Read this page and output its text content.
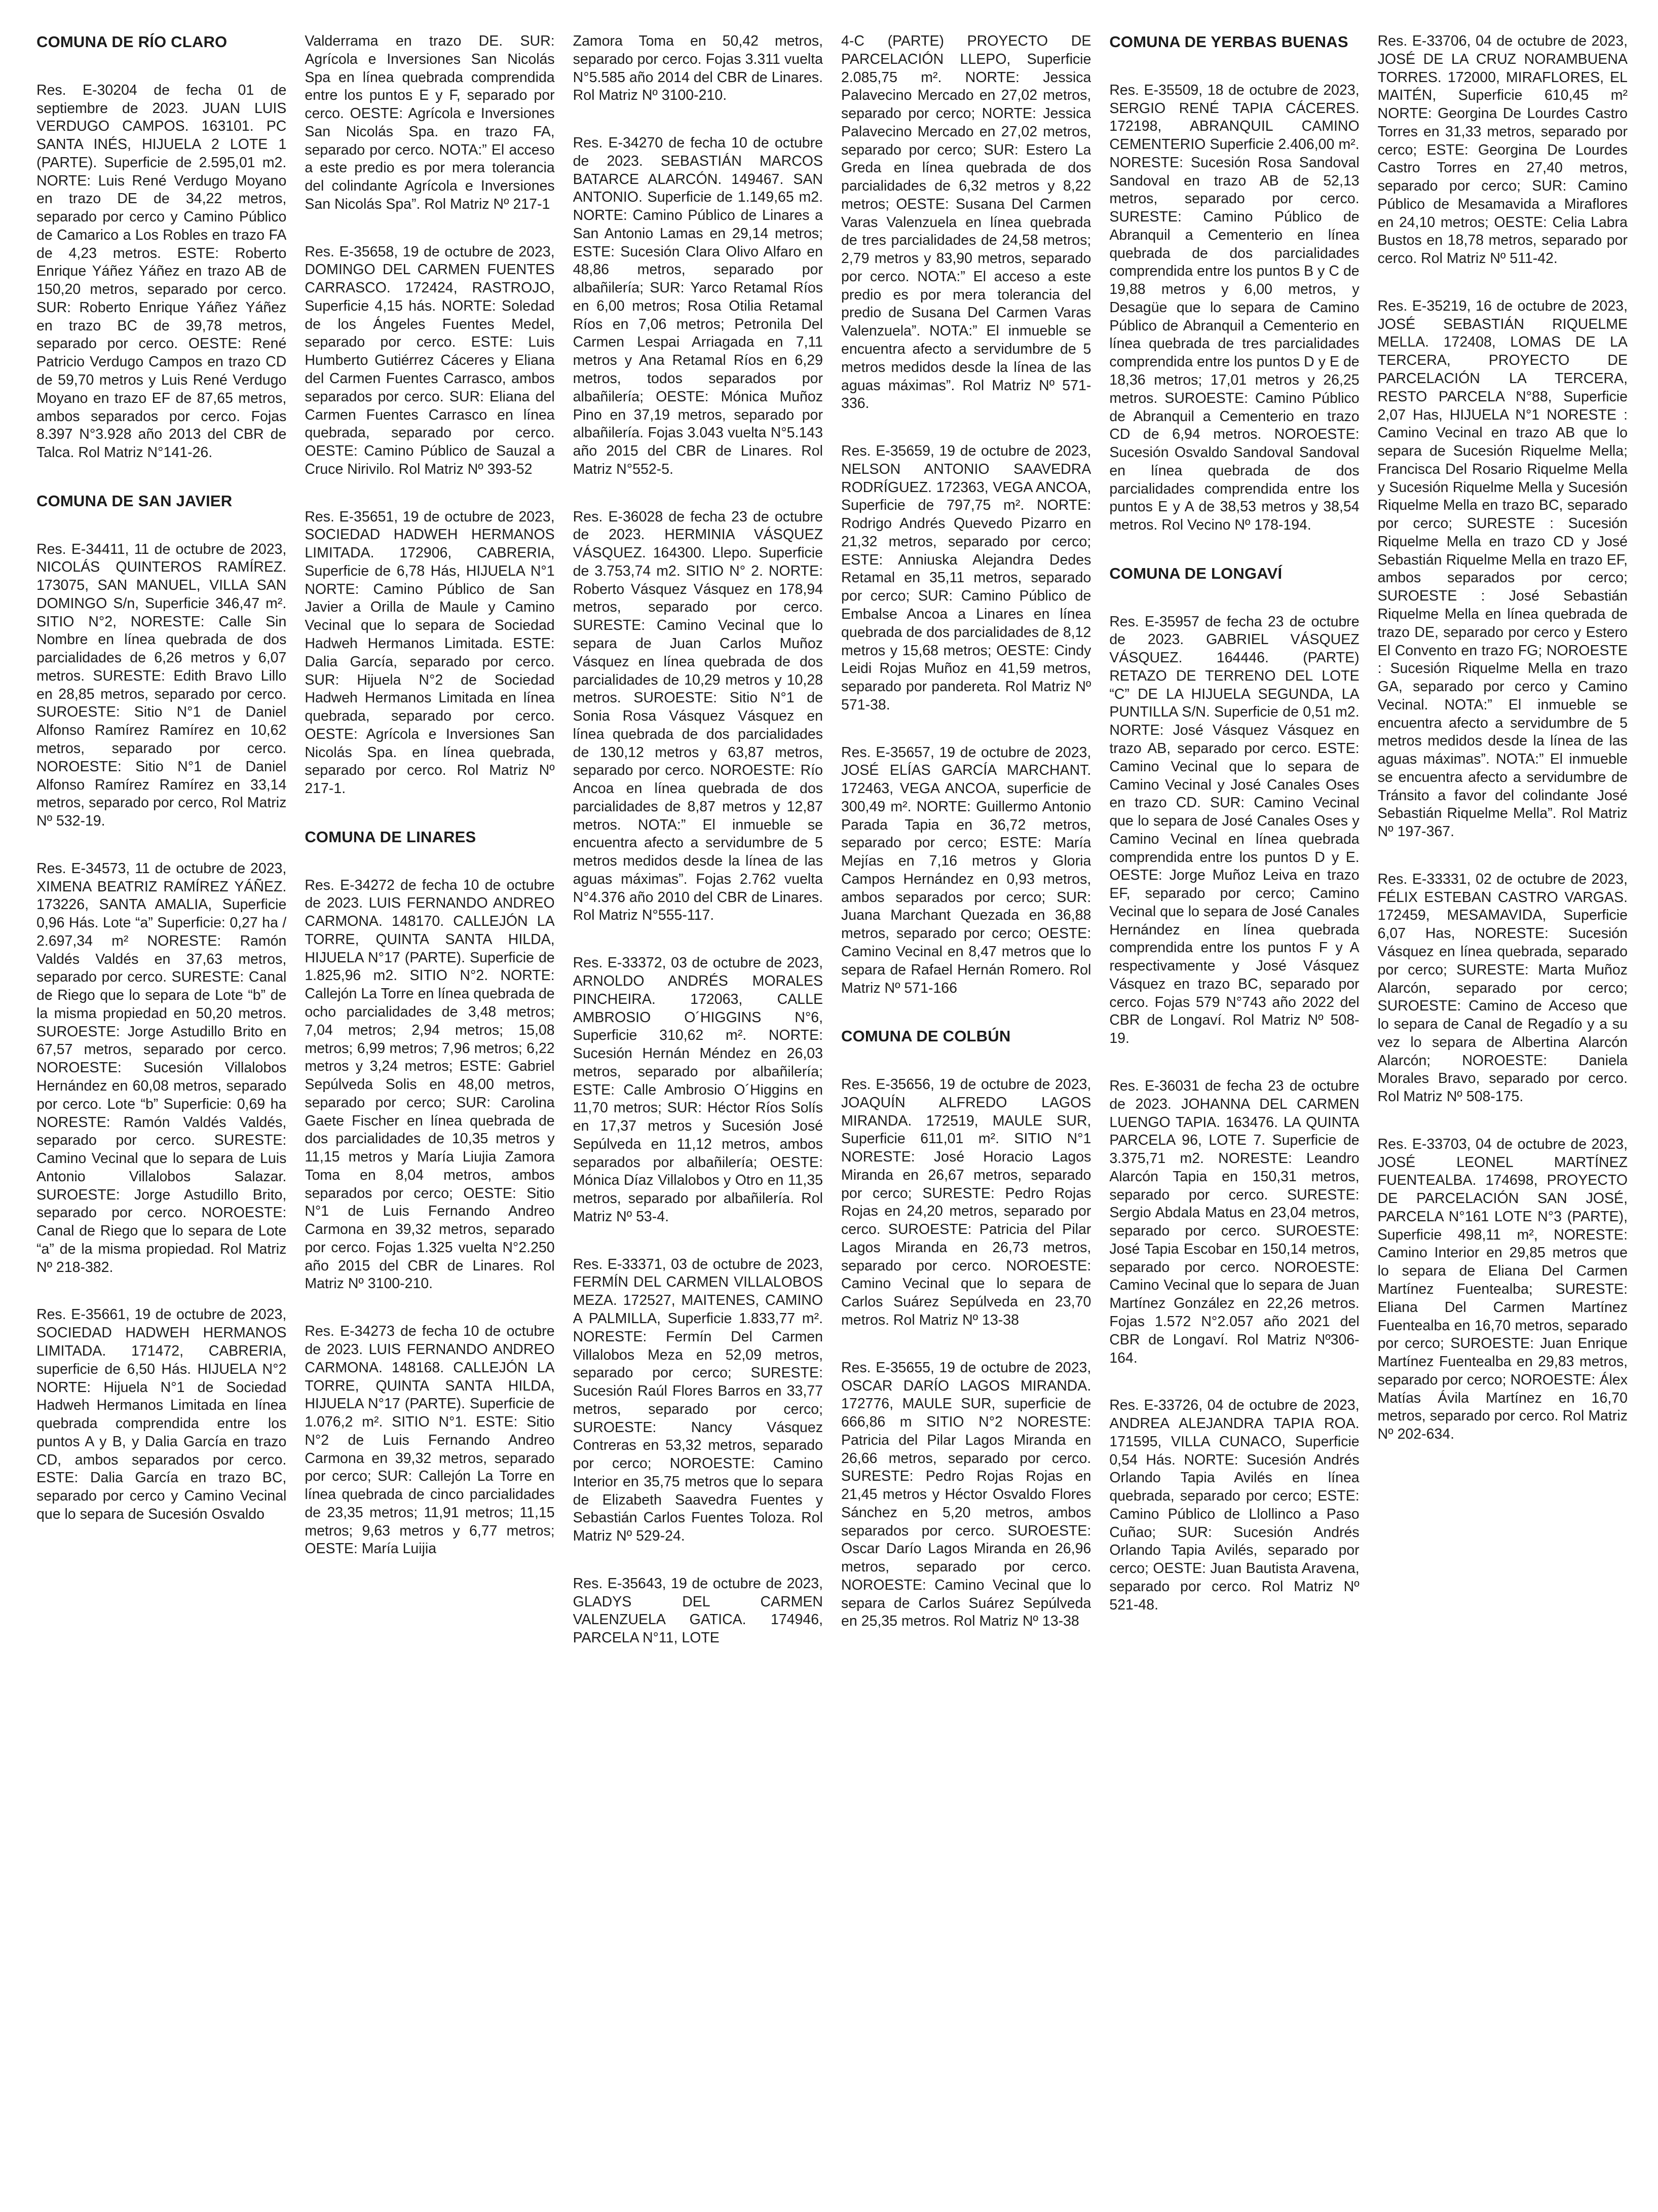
COMUNA DE RÍO CLARO
Res. E-30204 de fecha 01 de septiembre de 2023. JUAN LUIS VERDUGO CAMPOS. 163101. PC SANTA INÉS, HIJUELA 2 LOTE 1 (PARTE). Superficie de 2.595,01 m2. NORTE: Luis René Verdugo Moyano en trazo DE de 34,22 metros, separado por cerco y Camino Público de Camarico a Los Robles en trazo FA de 4,23 metros. ESTE: Roberto Enrique Yáñez Yáñez en trazo AB de 150,20 metros, separado por cerco. SUR: Roberto Enrique Yáñez Yáñez en trazo BC de 39,78 metros, separado por cerco. OESTE: René Patricio Verdugo Campos en trazo CD de 59,70 metros y Luis René Verdugo Moyano en trazo EF de 87,65 metros, ambos separados por cerco. Fojas 8.397 N°3.928 año 2013 del CBR de Talca. Rol Matriz N°141-26.
COMUNA DE SAN JAVIER
Res. E-34411, 11 de octubre de 2023, NICOLÁS QUINTEROS RAMÍREZ. 173075, SAN MANUEL, VILLA SAN DOMINGO S/n, Superficie 346,47 m². SITIO N°2, NORESTE: Calle Sin Nombre en línea quebrada de dos parcialidades de 6,26 metros y 6,07 metros. SURESTE: Edith Bravo Lillo en 28,85 metros, separado por cerco. SUROESTE: Sitio N°1 de Daniel Alfonso Ramírez Ramírez en 10,62 metros, separado por cerco. NOROESTE: Sitio N°1 de Daniel Alfonso Ramírez Ramírez en 33,14 metros, separado por cerco, Rol Matriz Nº 532-19.
Res. E-34573, 11 de octubre de 2023, XIMENA BEATRIZ RAMÍREZ YÁÑEZ. 173226, SANTA AMALIA, Superficie 0,96 Hás. Lote “a” Superficie: 0,27 ha / 2.697,34 m² NORESTE: Ramón Valdés Valdés en 37,63 metros, separado por cerco. SURESTE: Canal de Riego que lo separa de Lote “b” de la misma propiedad en 50,20 metros. SUROESTE: Jorge Astudillo Brito en 67,57 metros, separado por cerco. NOROESTE: Sucesión Villalobos Hernández en 60,08 metros, separado por cerco. Lote “b” Superficie: 0,69 ha NORESTE: Ramón Valdés Valdés, separado por cerco. SURESTE: Camino Vecinal que lo separa de Luis Antonio Villalobos Salazar. SUROESTE: Jorge Astudillo Brito, separado por cerco. NOROESTE: Canal de Riego que lo separa de Lote “a” de la misma propiedad. Rol Matriz Nº 218-382.
Res. E-35661, 19 de octubre de 2023, SOCIEDAD HADWEH HERMANOS LIMITADA. 171472, CABRERIA, superficie de 6,50 Hás. HIJUELA N°2 NORTE: Hijuela N°1 de Sociedad Hadweh Hermanos Limitada en línea quebrada comprendida entre los puntos A y B, y Dalia García en trazo CD, ambos separados por cerco. ESTE: Dalia García en trazo BC, separado por cerco y Camino Vecinal que lo separa de Sucesión Osvaldo
Valderrama en trazo DE. SUR: Agrícola e Inversiones San Nicolás Spa en línea quebrada comprendida entre los puntos E y F, separado por cerco. OESTE: Agrícola e Inversiones San Nicolás Spa. en trazo FA, separado por cerco. NOTA:” El acceso a este predio es por mera tolerancia del colindante Agrícola e Inversiones San Nicolás Spa”. Rol Matriz Nº 217-1
Res. E-35658, 19 de octubre de 2023, DOMINGO DEL CARMEN FUENTES CARRASCO. 172424, RASTROJO, Superficie 4,15 hás. NORTE: Soledad de los Ángeles Fuentes Medel, separado por cerco. ESTE: Luis Humberto Gutiérrez Cáceres y Eliana del Carmen Fuentes Carrasco, ambos separados por cerco. SUR: Eliana del Carmen Fuentes Carrasco en línea quebrada, separado por cerco. OESTE: Camino Público de Sauzal a Cruce Nirivilo. Rol Matriz Nº 393-52
Res. E-35651, 19 de octubre de 2023, SOCIEDAD HADWEH HERMANOS LIMITADA. 172906, CABRERIA, Superficie de 6,78 Hás, HIJUELA N°1 NORTE: Camino Público de San Javier a Orilla de Maule y Camino Vecinal que lo separa de Sociedad Hadweh Hermanos Limitada. ESTE: Dalia García, separado por cerco. SUR: Hijuela N°2 de Sociedad Hadweh Hermanos Limitada en línea quebrada, separado por cerco. OESTE: Agrícola e Inversiones San Nicolás Spa. en línea quebrada, separado por cerco. Rol Matriz Nº 217-1.
COMUNA DE LINARES
Res. E-34272 de fecha 10 de octubre de 2023. LUIS FERNANDO ANDREO CARMONA. 148170. CALLEJÓN LA TORRE, QUINTA SANTA HILDA, HIJUELA N°17 (PARTE). Superficie de 1.825,96 m2. SITIO N°2. NORTE: Callejón La Torre en línea quebrada de ocho parcialidades de 3,48 metros; 7,04 metros; 2,94 metros; 15,08 metros; 6,99 metros; 7,96 metros; 6,22 metros y 3,24 metros; ESTE: Gabriel Sepúlveda Solis en 48,00 metros, separado por cerco; SUR: Carolina Gaete Fischer en línea quebrada de dos parcialidades de 10,35 metros y 11,15 metros y María Liujia Zamora Toma en 8,04 metros, ambos separados por cerco; OESTE: Sitio N°1 de Luis Fernando Andreo Carmona en 39,32 metros, separado por cerco. Fojas 1.325 vuelta N°2.250 año 2015 del CBR de Linares. Rol Matriz Nº 3100-210.
Res. E-34273 de fecha 10 de octubre de 2023. LUIS FERNANDO ANDREO CARMONA. 148168. CALLEJÓN LA TORRE, QUINTA SANTA HILDA, HIJUELA N°17 (PARTE). Superficie de 1.076,2 m². SITIO N°1. ESTE: Sitio N°2 de Luis Fernando Andreo Carmona en 39,32 metros, separado por cerco; SUR: Callejón La Torre en línea quebrada de cinco parcialidades de 23,35 metros; 11,91 metros; 11,15 metros; 9,63 metros y 6,77 metros; OESTE: María Luijia
Zamora Toma en 50,42 metros, separado por cerco. Fojas 3.311 vuelta N°5.585 año 2014 del CBR de Linares. Rol Matriz Nº 3100-210.
Res. E-34270 de fecha 10 de octubre de 2023. SEBASTIÁN MARCOS BATARCE ALARCÓN. 149467. SAN ANTONIO. Superficie de 1.149,65 m2. NORTE: Camino Público de Linares a San Antonio Lamas en 29,14 metros; ESTE: Sucesión Clara Olivo Alfaro en 48,86 metros, separado por albañilería; SUR: Yarco Retamal Ríos en 6,00 metros; Rosa Otilia Retamal Ríos en 7,06 metros; Petronila Del Carmen Lespai Arriagada en 7,11 metros y Ana Retamal Ríos en 6,29 metros, todos separados por albañilería; OESTE: Mónica Muñoz Pino en 37,19 metros, separado por albañilería. Fojas 3.043 vuelta N°5.143 año 2015 del CBR de Linares. Rol Matriz N°552-5.
Res. E-36028 de fecha 23 de octubre de 2023. HERMINIA VÁSQUEZ VÁSQUEZ. 164300. Llepo. Superficie de 3.753,74 m2. SITIO N° 2. NORTE: Roberto Vásquez Vásquez en 178,94 metros, separado por cerco. SURESTE: Camino Vecinal que lo separa de Juan Carlos Muñoz Vásquez en línea quebrada de dos parcialidades de 10,29 metros y 10,28 metros. SUROESTE: Sitio N°1 de Sonia Rosa Vásquez Vásquez en línea quebrada de dos parcialidades de 130,12 metros y 63,87 metros, separado por cerco. NOROESTE: Río Ancoa en línea quebrada de dos parcialidades de 8,87 metros y 12,87 metros. NOTA:” El inmueble se encuentra afecto a servidumbre de 5 metros medidos desde la línea de las aguas máximas”. Fojas 2.762 vuelta N°4.376 año 2010 del CBR de Linares. Rol Matriz N°555-117.
Res. E-33372, 03 de octubre de 2023, ARNOLDO ANDRÉS MORALES PINCHEIRA. 172063, CALLE AMBROSIO O´HIGGINS N°6, Superficie 310,62 m². NORTE: Sucesión Hernán Méndez en 26,03 metros, separado por albañilería; ESTE: Calle Ambrosio O´Higgins en 11,70 metros; SUR: Héctor Ríos Solís en 17,37 metros y Sucesión José Sepúlveda en 11,12 metros, ambos separados por albañilería; OESTE: Mónica Díaz Villalobos y Otro en 11,35 metros, separado por albañilería. Rol Matriz Nº 53-4.
Res. E-33371, 03 de octubre de 2023, FERMÍN DEL CARMEN VILLALOBOS MEZA. 172527, MAITENES, CAMINO A PALMILLA, Superficie 1.833,77 m². NORESTE: Fermín Del Carmen Villalobos Meza en 52,09 metros, separado por cerco; SURESTE: Sucesión Raúl Flores Barros en 33,77 metros, separado por cerco; SUROESTE: Nancy Vásquez Contreras en 53,32 metros, separado por cerco; NOROESTE: Camino Interior en 35,75 metros que lo separa de Elizabeth Saavedra Fuentes y Sebastián Carlos Fuentes Toloza. Rol Matriz Nº 529-24.
Res. E-35643, 19 de octubre de 2023, GLADYS DEL CARMEN VALENZUELA GATICA. 174946, PARCELA N°11, LOTE
4-C (PARTE) PROYECTO DE PARCELACIÓN LLEPO, Superficie 2.085,75 m². NORTE: Jessica Palavecino Mercado en 27,02 metros, separado por cerco; NORTE: Jessica Palavecino Mercado en 27,02 metros, separado por cerco; SUR: Estero La Greda en línea quebrada de dos parcialidades de 6,32 metros y 8,22 metros; OESTE: Susana Del Carmen Varas Valenzuela en línea quebrada de tres parcialidades de 24,58 metros; 2,79 metros y 83,90 metros, separado por cerco. NOTA:” El acceso a este predio es por mera tolerancia del predio de Susana Del Carmen Varas Valenzuela”. NOTA:” El inmueble se encuentra afecto a servidumbre de 5 metros medidos desde la línea de las aguas máximas”. Rol Matriz Nº 571-336.
Res. E-35659, 19 de octubre de 2023, NELSON ANTONIO SAAVEDRA RODRÍGUEZ. 172363, VEGA ANCOA, Superficie de 797,75 m². NORTE: Rodrigo Andrés Quevedo Pizarro en 21,32 metros, separado por cerco; ESTE: Anniuska Alejandra Dedes Retamal en 35,11 metros, separado por cerco; SUR: Camino Público de Embalse Ancoa a Linares en línea quebrada de dos parcialidades de 8,12 metros y 15,68 metros; OESTE: Cindy Leidi Rojas Muñoz en 41,59 metros, separado por pandereta. Rol Matriz Nº 571-38.
Res. E-35657, 19 de octubre de 2023, JOSÉ ELÍAS GARCÍA MARCHANT. 172463, VEGA ANCOA, superficie de 300,49 m². NORTE: Guillermo Antonio Parada Tapia en 36,72 metros, separado por cerco; ESTE: María Mejías en 7,16 metros y Gloria Campos Hernández en 0,93 metros, ambos separados por cerco; SUR: Juana Marchant Quezada en 36,88 metros, separado por cerco; OESTE: Camino Vecinal en 8,47 metros que lo separa de Rafael Hernán Romero. Rol Matriz Nº 571-166
COMUNA DE COLBÚN
Res. E-35656, 19 de octubre de 2023, JOAQUÍN ALFREDO LAGOS MIRANDA. 172519, MAULE SUR, Superficie 611,01 m². SITIO N°1 NORESTE: José Horacio Lagos Miranda en 26,67 metros, separado por cerco; SURESTE: Pedro Rojas Rojas en 24,20 metros, separado por cerco. SUROESTE: Patricia del Pilar Lagos Miranda en 26,73 metros, separado por cerco. NOROESTE: Camino Vecinal que lo separa de Carlos Suárez Sepúlveda en 23,70 metros. Rol Matriz Nº 13-38
Res. E-35655, 19 de octubre de 2023, OSCAR DARÍO LAGOS MIRANDA. 172776, MAULE SUR, superficie de 666,86 m SITIO N°2 NORESTE: Patricia del Pilar Lagos Miranda en 26,66 metros, separado por cerco. SURESTE: Pedro Rojas Rojas en 21,45 metros y Héctor Osvaldo Flores Sánchez en 5,20 metros, ambos separados por cerco. SUROESTE: Oscar Darío Lagos Miranda en 26,96 metros, separado por cerco. NOROESTE: Camino Vecinal que lo separa de Carlos Suárez Sepúlveda en 25,35 metros. Rol Matriz Nº 13-38
COMUNA DE YERBAS BUENAS
Res. E-35509, 18 de octubre de 2023, SERGIO RENÉ TAPIA CÁCERES. 172198, ABRANQUIL CAMINO CEMENTERIO Superficie 2.406,00 m². NORESTE: Sucesión Rosa Sandoval Sandoval en trazo AB de 52,13 metros, separado por cerco. SURESTE: Camino Público de Abranquil a Cementerio en línea quebrada de dos parcialidades comprendida entre los puntos B y C de 19,88 metros y 6,00 metros, y Desagüe que lo separa de Camino Público de Abranquil a Cementerio en línea quebrada de tres parcialidades comprendida entre los puntos D y E de 18,36 metros; 17,01 metros y 26,25 metros. SUROESTE: Camino Público de Abranquil a Cementerio en trazo CD de 6,94 metros. NOROESTE: Sucesión Osvaldo Sandoval Sandoval en línea quebrada de dos parcialidades comprendida entre los puntos E y A de 38,53 metros y 38,54 metros. Rol Vecino Nº 178-194.
COMUNA DE LONGAVÍ
Res. E-35957 de fecha 23 de octubre de 2023. GABRIEL VÁSQUEZ VÁSQUEZ. 164446. (PARTE) RETAZO DE TERRENO DEL LOTE “C” DE LA HIJUELA SEGUNDA, LA PUNTILLA S/N. Superficie de 0,51 m2. NORTE: José Vásquez Vásquez en trazo AB, separado por cerco. ESTE: Camino Vecinal que lo separa de Camino Vecinal y José Canales Oses en trazo CD. SUR: Camino Vecinal que lo separa de José Canales Oses y Camino Vecinal en línea quebrada comprendida entre los puntos D y E. OESTE: Jorge Muñoz Leiva en trazo EF, separado por cerco; Camino Vecinal que lo separa de José Canales Hernández en línea quebrada comprendida entre los puntos F y A respectivamente y José Vásquez Vásquez en trazo BC, separado por cerco. Fojas 579 N°743 año 2022 del CBR de Longaví. Rol Matriz Nº 508-19.
Res. E-36031 de fecha 23 de octubre de 2023. JOHANNA DEL CARMEN LUENGO TAPIA. 163476. LA QUINTA PARCELA 96, LOTE 7. Superficie de 3.375,71 m2. NORESTE: Leandro Alarcón Tapia en 150,31 metros, separado por cerco. SURESTE: Sergio Abdala Matus en 23,04 metros, separado por cerco. SUROESTE: José Tapia Escobar en 150,14 metros, separado por cerco. NOROESTE: Camino Vecinal que lo separa de Juan Martínez González en 22,26 metros. Fojas 1.572 N°2.057 año 2021 del CBR de Longaví. Rol Matriz Nº306-164.
Res. E-33726, 04 de octubre de 2023, ANDREA ALEJANDRA TAPIA ROA. 171595, VILLA CUNACO, Superficie 0,54 Hás. NORTE: Sucesión Andrés Orlando Tapia Avilés en línea quebrada, separado por cerco; ESTE: Camino Público de Llollinco a Paso Cuñao; SUR: Sucesión Andrés Orlando Tapia Avilés, separado por cerco; OESTE: Juan Bautista Aravena, separado por cerco. Rol Matriz Nº 521-48.
Res. E-33706, 04 de octubre de 2023, JOSÉ DE LA CRUZ NORAMBUENA TORRES. 172000, MIRAFLORES, EL MAITÉN, Superficie 610,45 m² NORTE: Georgina De Lourdes Castro Torres en 31,33 metros, separado por cerco; ESTE: Georgina De Lourdes Castro Torres en 27,40 metros, separado por cerco; SUR: Camino Público de Mesamavida a Miraflores en 24,10 metros; OESTE: Celia Labra Bustos en 18,78 metros, separado por cerco. Rol Matriz Nº 511-42.
Res. E-35219, 16 de octubre de 2023, JOSÉ SEBASTIÁN RIQUELME MELLA. 172408, LOMAS DE LA TERCERA, PROYECTO DE PARCELACIÓN LA TERCERA, RESTO PARCELA N°88, Superficie 2,07 Has, HIJUELA N°1 NORESTE : Camino Vecinal en trazo AB que lo separa de Sucesión Riquelme Mella; Francisca Del Rosario Riquelme Mella y Sucesión Riquelme Mella y Sucesión Riquelme Mella en trazo BC, separado por cerco; SURESTE : Sucesión Riquelme Mella en trazo CD y José Sebastián Riquelme Mella en trazo EF, ambos separados por cerco; SUROESTE : José Sebastián Riquelme Mella en línea quebrada de trazo DE, separado por cerco y Estero El Convento en trazo FG; NOROESTE : Sucesión Riquelme Mella en trazo GA, separado por cerco y Camino Vecinal. NOTA:” El inmueble se encuentra afecto a servidumbre de 5 metros medidos desde la línea de las aguas máximas”. NOTA:” El inmueble se encuentra afecto a servidumbre de Tránsito a favor del colindante José Sebastián Riquelme Mella”. Rol Matriz Nº 197-367.
Res. E-33331, 02 de octubre de 2023, FÉLIX ESTEBAN CASTRO VARGAS. 172459, MESAMAVIDA, Superficie 6,07 Has, NORESTE: Sucesión Vásquez en línea quebrada, separado por cerco; SURESTE: Marta Muñoz Alarcón, separado por cerco; SUROESTE: Camino de Acceso que lo separa de Canal de Regadío y a su vez lo separa de Albertina Alarcón Alarcón; NOROESTE: Daniela Morales Bravo, separado por cerco. Rol Matriz Nº 508-175.
Res. E-33703, 04 de octubre de 2023, JOSÉ LEONEL MARTÍNEZ FUENTEALBA. 174698, PROYECTO DE PARCELACIÓN SAN JOSÉ, PARCELA N°161 LOTE N°3 (PARTE), Superficie 498,11 m², NORESTE: Camino Interior en 29,85 metros que lo separa de Eliana Del Carmen Martínez Fuentealba; SURESTE: Eliana Del Carmen Martínez Fuentealba en 16,70 metros, separado por cerco; SUROESTE: Juan Enrique Martínez Fuentealba en 29,83 metros, separado por cerco; NOROESTE: Álex Matías Ávila Martínez en 16,70 metros, separado por cerco. Rol Matriz Nº 202-634.
